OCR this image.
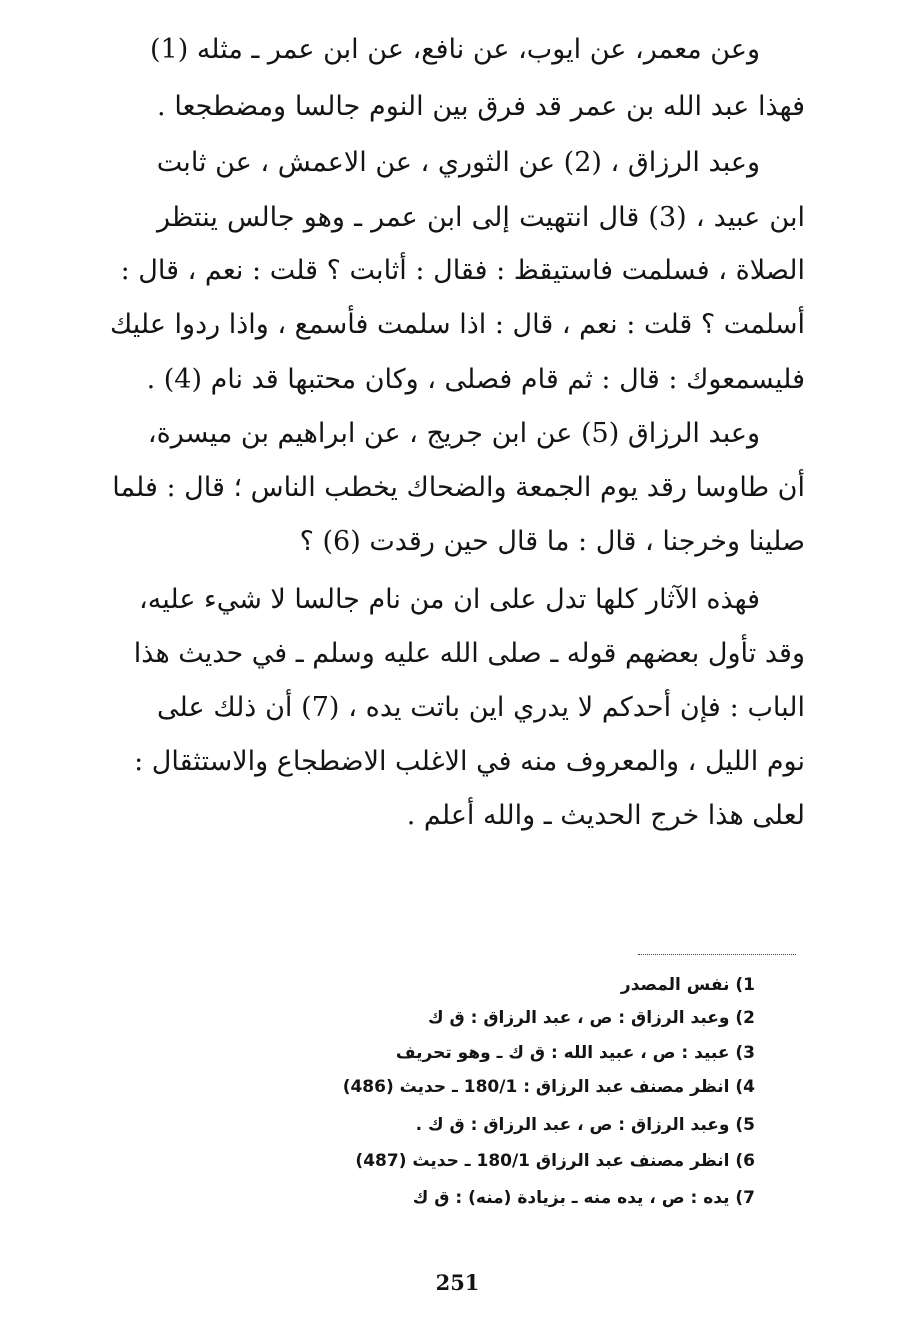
وعن معمر، عن ايوب، عن نافع، عن ابن عمر ـ مثله (1)
فهذا عبد الله بن عمر قد فرق بين النوم جالسا ومضطجعا .
وعبد الرزاق ، (2) عن الثوري ، عن الاعمش ، عن ثابت
ابن عبيد ، (3) قال انتهيت إلى ابن عمر ـ وهو جالس ينتظر
الصلاة ، فسلمت فاستيقظ : فقال : أثابت ؟ قلت : نعم ، قال :
أسلمت ؟ قلت : نعم ، قال : اذا سلمت فأسمع ، واذا ردوا عليك
فليسمعوك : قال : ثم قام فصلى ، وكان محتبها قد نام (4) .
وعبد الرزاق (5) عن ابن جريج ، عن ابراهيم بن ميسرة،
أن طاوسا رقد يوم الجمعة والضحاك يخطب الناس ؛ قال : فلما
صلينا وخرجنا ، قال : ما قال حين رقدت (6) ؟
فهذه الآثار كلها تدل على ان من نام جالسا لا شيء عليه،
وقد تأول بعضهم قوله ـ صلى الله عليه وسلم ـ في حديث هذا
الباب : فإن أحدكم لا يدري اين باتت يده ، (7) أن ذلك على
نوم الليل ، والمعروف منه في الاغلب الاضطجاع والاستثقال :
لعلى هذا خرج الحديث ـ والله أعلم .
1) نفس المصدر
2) وعبد الرزاق : ص ، عبد الرزاق : ق ك
3) عبيد : ص ، عبيد الله : ق ك ـ وهو تحريف
4) انظر مصنف عبد الرزاق : 180/1 ـ حديث (486)
5) وعبد الرزاق : ص ، عبد الرزاق : ق ك .
6) انظر مصنف عبد الرزاق 180/1 ـ حديث (487)
7) يده : ص ، يده منه ـ بزيادة (منه) : ق ك
251
